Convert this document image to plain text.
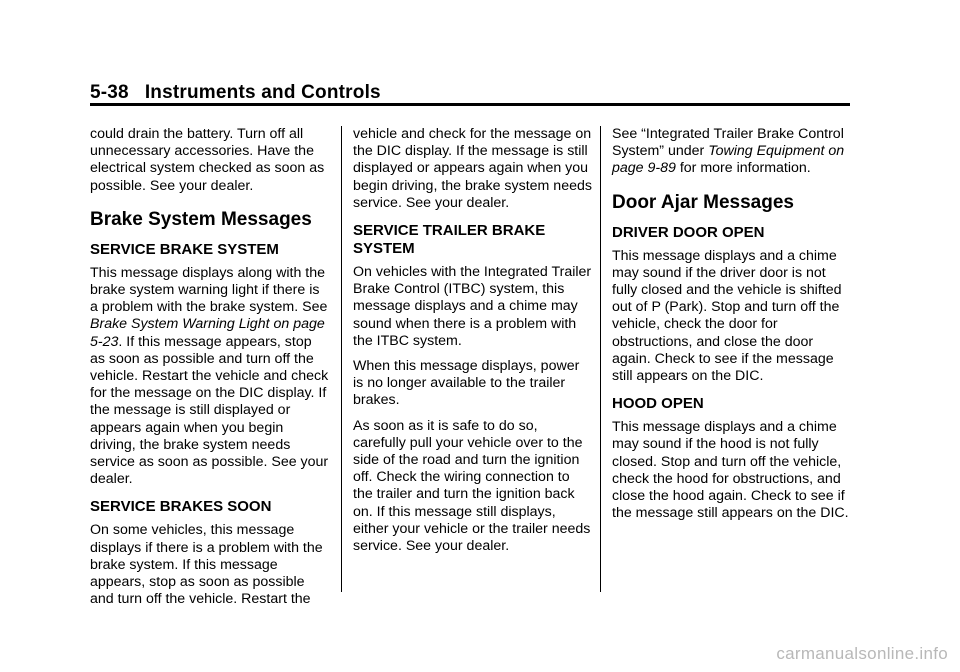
5-38 Instruments and Controls

could drain the battery. Turn off all unnecessary accessories. Have the electrical system checked as soon as possible. See your dealer.

Brake System Messages
SERVICE BRAKE SYSTEM

This message displays along with the brake system warning light if there is a problem with the brake system. See Brake System Warning Light on page 5-23. If this message appears, stop as soon as possible and turn off the vehicle. Restart the vehicle and check for the message on the DIC display. If the message is still displayed or appears again when you begin driving, the brake system needs service as soon as possible. See your dealer.

SERVICE BRAKES SOON

On some vehicles, this message displays if there is a problem with the brake system. If this message appears, stop as soon as possible and turn off the vehicle. Restart the

vehicle and check for the message on the DIC display. If the message is still displayed or appears again when you begin driving, the brake system needs service. See your dealer.

SERVICE TRAILER BRAKE SYSTEM

On vehicles with the Integrated Trailer Brake Control (ITBC) system, this message displays and a chime may sound when there is a problem with the ITBC system.

When this message displays, power is no longer available to the trailer brakes.

As soon as it is safe to do so, carefully pull your vehicle over to the side of the road and turn the ignition off. Check the wiring connection to the trailer and turn the ignition back on. If this message still displays, either your vehicle or the trailer needs service. See your dealer.

See “Integrated Trailer Brake Control System” under Towing Equipment on page 9-89 for more information.

Door Ajar Messages
DRIVER DOOR OPEN

This message displays and a chime may sound if the driver door is not fully closed and the vehicle is shifted out of P (Park). Stop and turn off the vehicle, check the door for obstructions, and close the door again. Check to see if the message still appears on the DIC.

HOOD OPEN

This message displays and a chime may sound if the hood is not fully closed. Stop and turn off the vehicle, check the hood for obstructions, and close the hood again. Check to see if the message still appears on the DIC.

carmanualsonline.info
